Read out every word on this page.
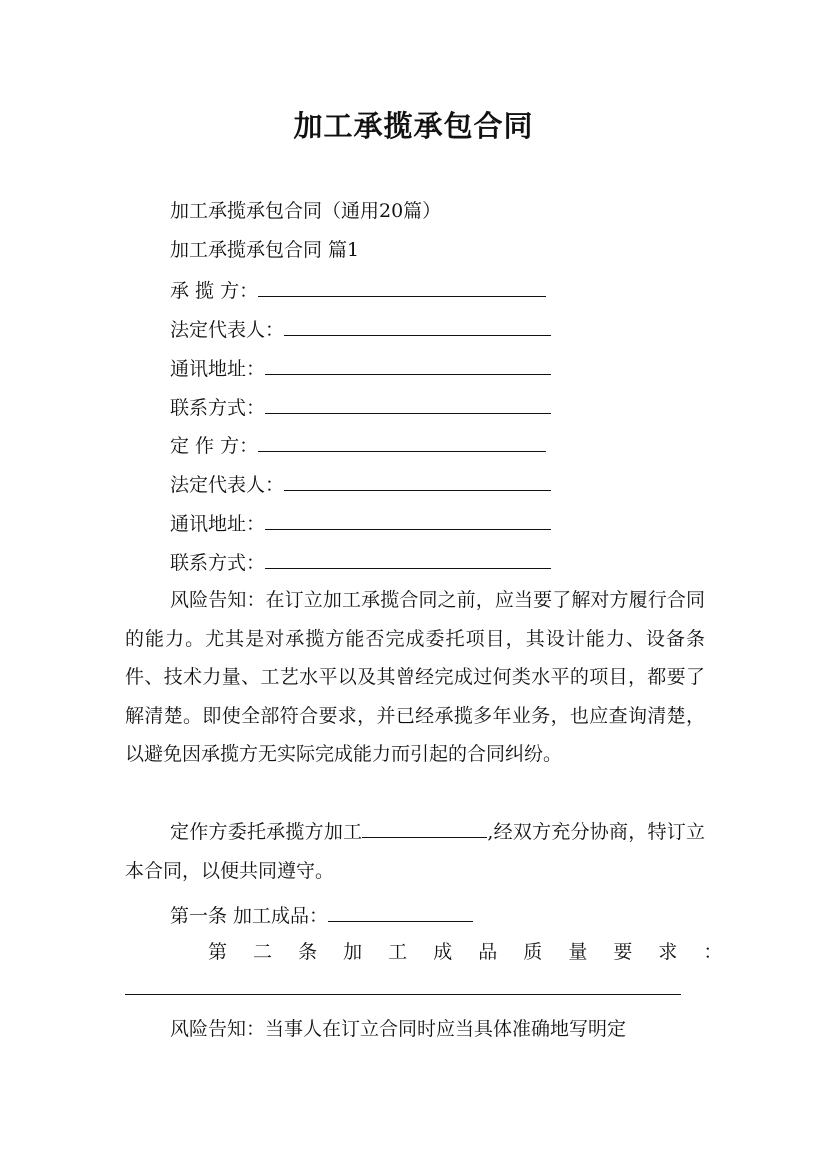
加工承揽承包合同
加工承揽承包合同（通用20篇）
加工承揽承包合同 篇1
承 揽 方：
法定代表人：
通讯地址：
联系方式：
定 作 方：
法定代表人：
通讯地址：
联系方式：

风险告知：在订立加工承揽合同之前，应当要了解对方履行合同的能力。尤其是对承揽方能否完成委托项目，其设计能力、设备条件、技术力量、工艺水平以及其曾经完成过何类水平的项目，都要了解清楚。即使全部符合要求，并已经承揽多年业务，也应查询清楚，以避免因承揽方无实际完成能力而引起的合同纠纷。

定作方委托承揽方加工	,经双方充分协商，特订立本合同，以便共同遵守。

第一条 加工成品：
第 二 条 加 工 成 品 质 量 要 求 ：
风险告知：当事人在订立合同时应当具体准确地写明定
